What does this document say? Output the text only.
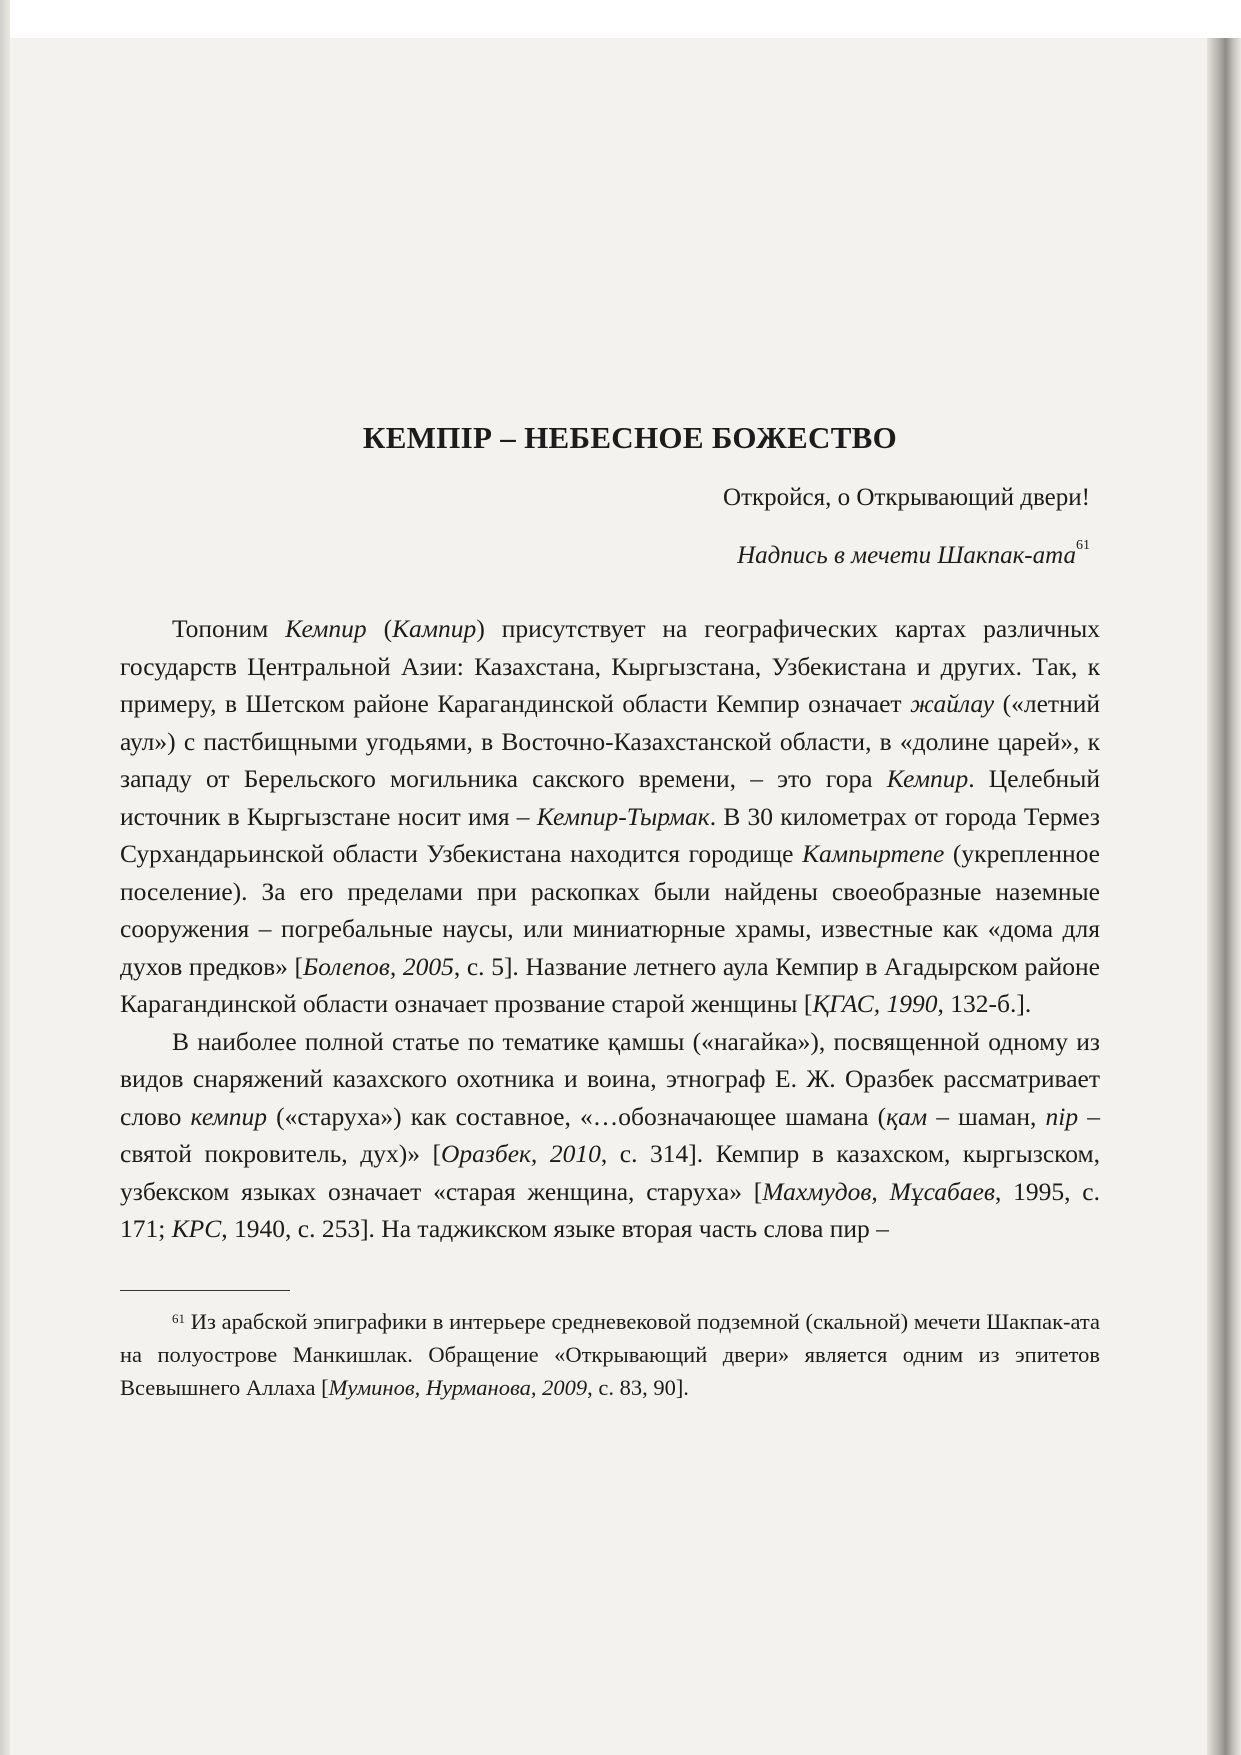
КЕМПІР – НЕБЕСНОЕ БОЖЕСТВО

Откройся, о Открывающий двери!

Надпись в мечети Шакпак-ата$^{61}$

Топоним Кемпир (Кампир) присутствует на географических картах различных государств Центральной Азии: Казахстана, Кыргызстана, Узбекистана и других. Так, к примеру, в Шетском районе Карагандинской области Кемпир означает жайлау («летний аул») с пастбищными угодьями, в Восточно-Казахстанской области, в «долине царей», к западу от Берельского могильника сакского времени, – это гора Кемпир. Целебный источник в Кыргызстане носит имя – Кемпир-Тырмак. В 30 километрах от города Термез Сурхандарьинской области Узбекистана находится городище Кампыртепе (укрепленное поселение). За его пределами при раскопках были найдены своеобразные наземные сооружения – погребальные наусы, или миниатюрные храмы, известные как «дома для духов предков» [Болепов, 2005, с. 5]. Название летнего аула Кемпир в Агадырском районе Карагандинской области означает прозвание старой женщины [ҚГАС, 1990, 132-б.].

В наиболее полной статье по тематике қамшы («нагайка»), посвященной одному из видов снаряжений казахского охотника и воина, этнограф Е. Ж. Оразбек рассматривает слово кемпир («старуха») как составное, «…обозначающее шамана (қам – шаман, пір – святой покровитель, дух)» [Оразбек, 2010, с. 314]. Кемпир в казахском, кыргызском, узбекском языках означает «старая женщина, старуха» [Махмудов, Мұсабаев, 1995, с. 171; КРС, 1940, с. 253]. На таджикском языке вторая часть слова пир –

$^{61}$ Из арабской эпиграфики в интерьере средневековой подземной (скальной) мечети Шакпак-ата на полуострове Манкишлак. Обращение «Открывающий двери» является одним из эпитетов Всевышнего Аллаха [Муминов, Нурманова, 2009, с. 83, 90].
